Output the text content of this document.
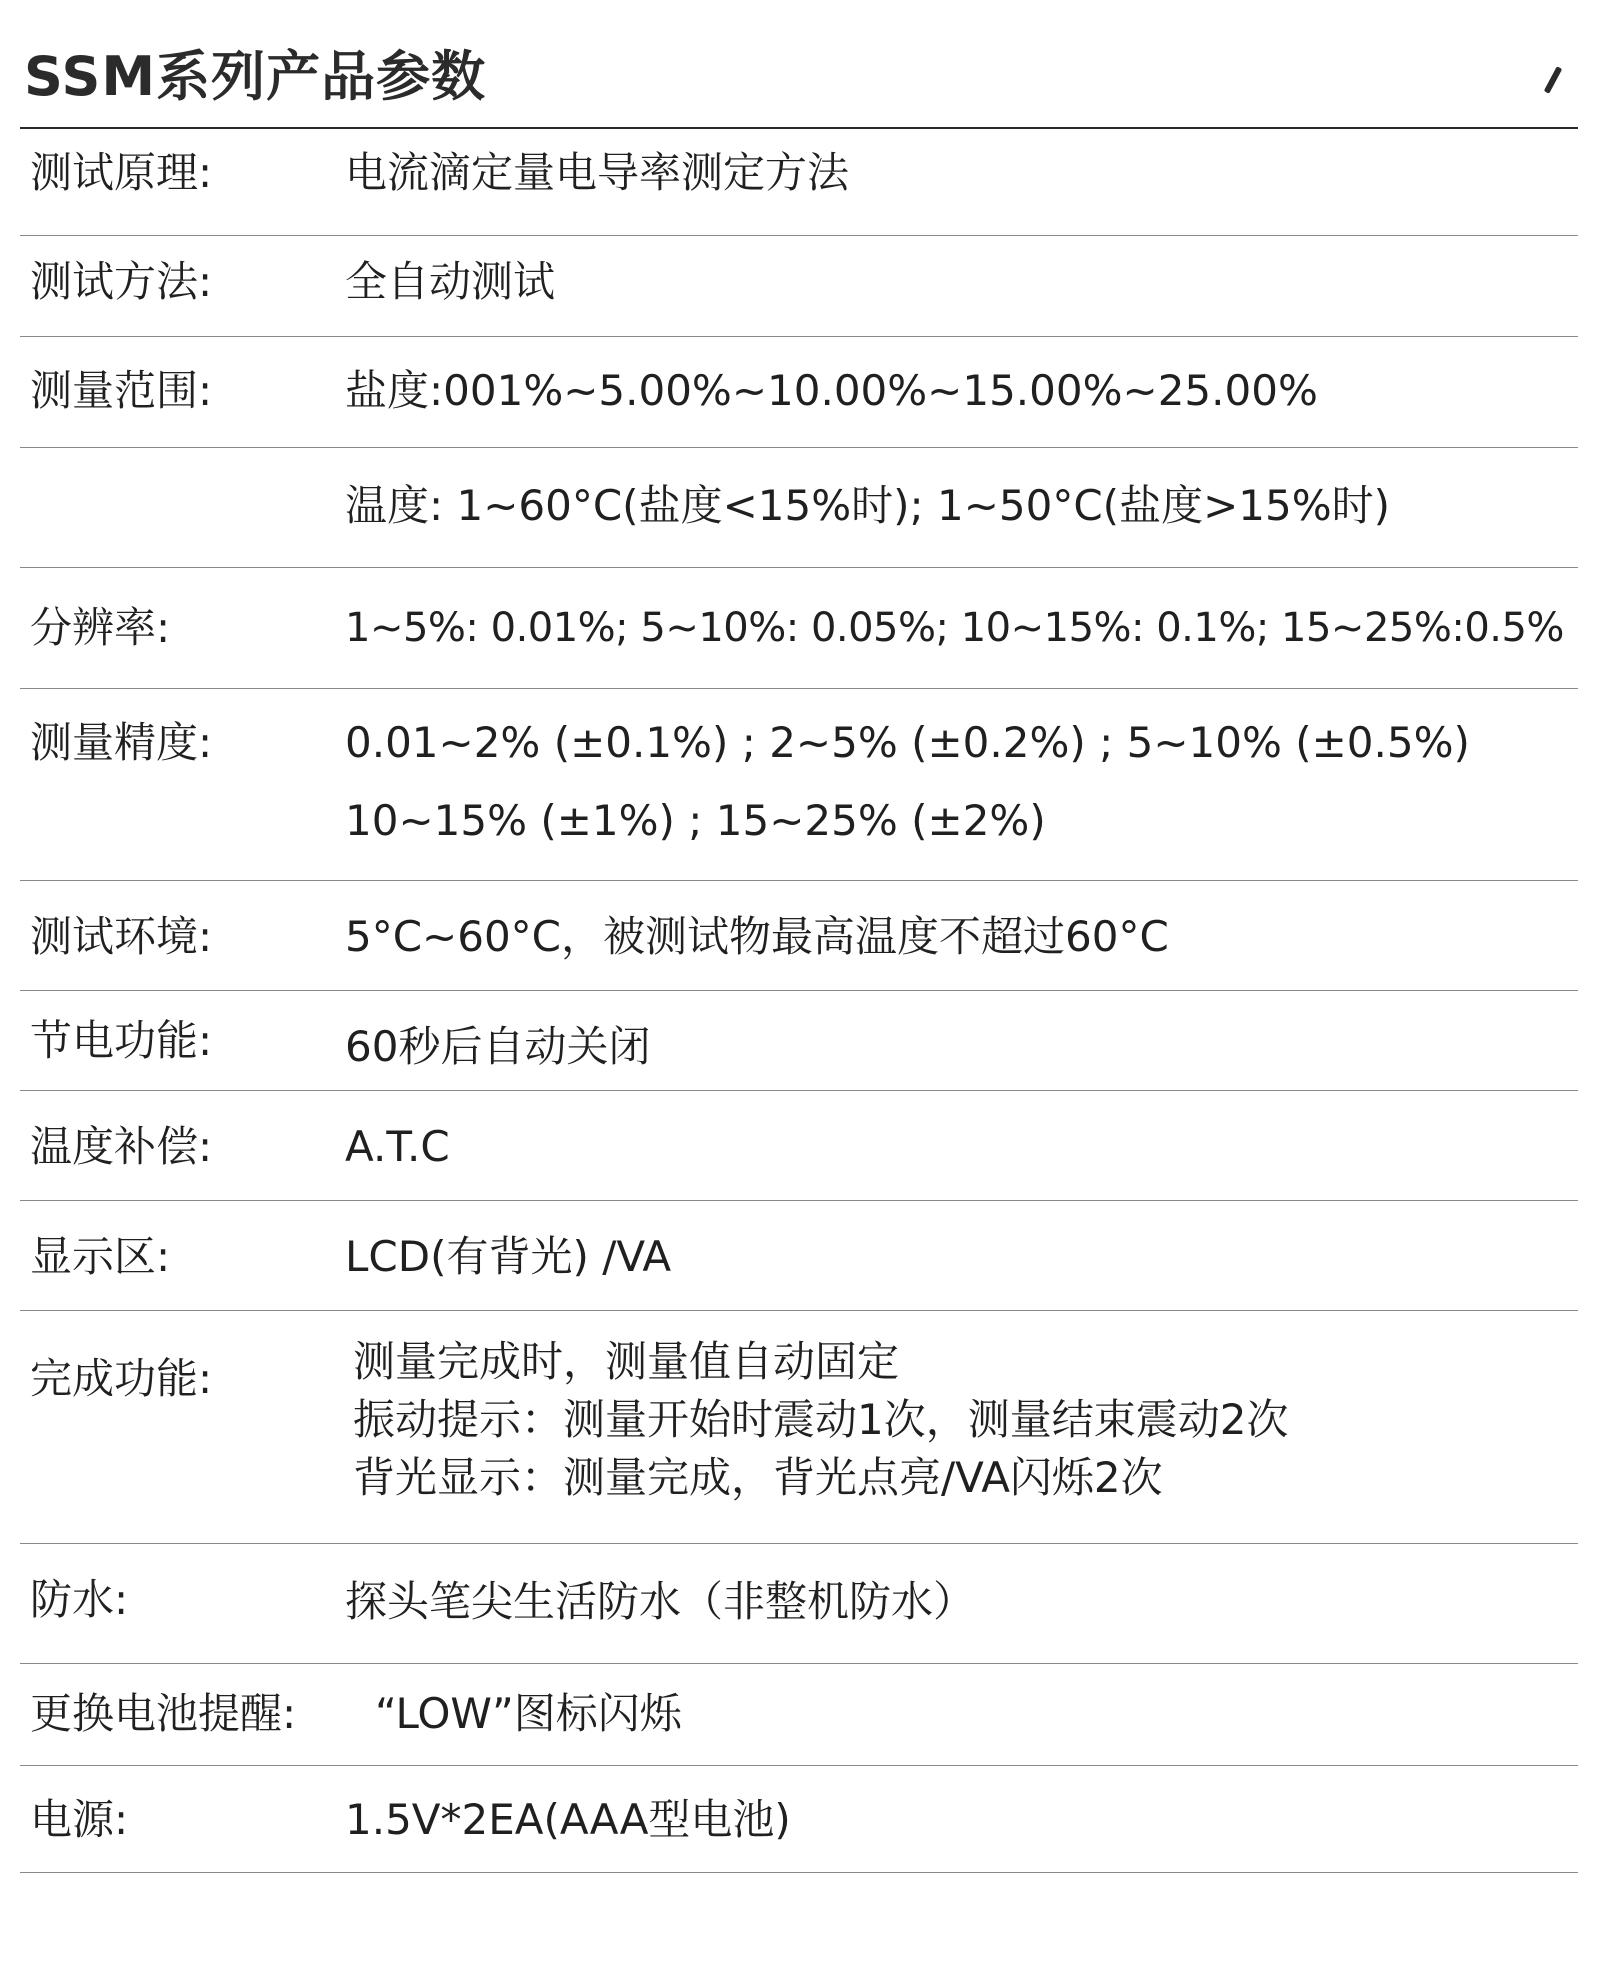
SSM系列产品参数
测试原理:	电流滴定量电导率测定方法
测试方法:	全自动测试
测量范围:	盐度:001%~5.00%~10.00%~15.00%~25.00%
温度: 1~60°C(盐度<15%时); 1~50°C(盐度>15%时)
分辨率:	1~5%: 0.01%; 5~10%: 0.05%; 10~15%: 0.1%; 15~25%:0.5%
测量精度:	0.01~2% (±0.1%) ; 2~5% (±0.2%) ; 5~10% (±0.5%)
10~15% (±1%) ; 15~25% (±2%)
测试环境:	5°C~60°C，被测试物最高温度不超过60°C
节电功能:	60秒后自动关闭
温度补偿:	A.T.C
显示区:	LCD(有背光) /VA
完成功能:	测量完成时，测量值自动固定
振动提示：测量开始时震动1次，测量结束震动2次
背光显示：测量完成，背光点亮/VA闪烁2次
防水:	探头笔尖生活防水（非整机防水）
更换电池提醒: “LOW”图标闪烁
电源:	1.5V*2EA(AAA型电池)
